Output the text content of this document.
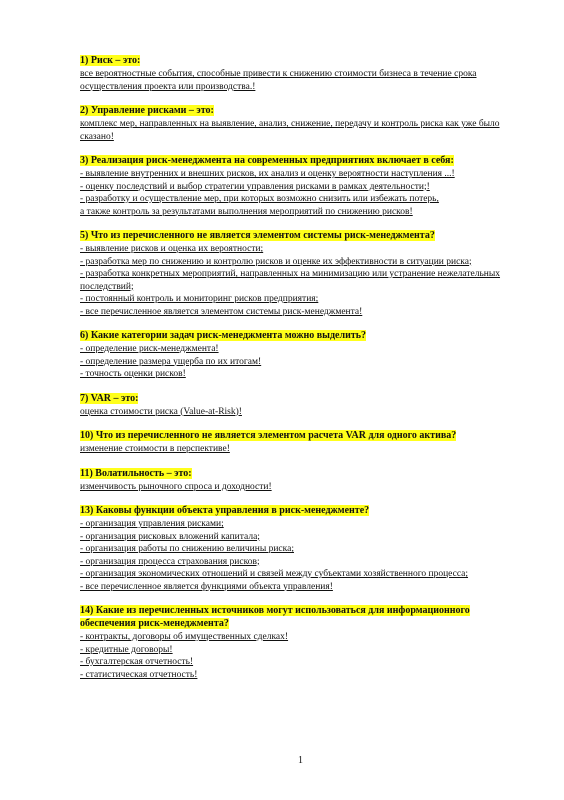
1) Риск – это:
все вероятностные события, способные привести к снижению стоимости бизнеса в течение срока осуществления проекта или производства.!
2) Управление рисками – это:
комплекс мер, направленных на выявление, анализ, снижение, передачу и контроль риска как уже было сказано!
3) Реализация риск-менеджмента на современных предприятиях включает в себя:
- выявление внутренних и внешних рисков, их анализ и оценку вероятности наступления ...!
- оценку последствий и выбор стратегии управления рисками в рамках деятельности;!
- разработку и осуществление мер, при которых возможно снизить или избежать потерь,
а также контроль за результатами выполнения мероприятий по снижению рисков!
5) Что из перечисленного не является элементом системы риск-менеджмента?
- выявление рисков и оценка их вероятности;
- разработка мер по снижению и контролю рисков и оценке их эффективности в ситуации риска;
- разработка конкретных мероприятий, направленных на минимизацию или устранение нежелательных последствий;
- постоянный контроль и мониторинг рисков предприятия;
- все перечисленное является элементом системы риск-менеджмента!
6) Какие категории задач риск-менеджмента можно выделить?
- определение риск-менеджмента!
- определение размера ущерба по их итогам!
- точность оценки рисков!
7) VAR – это:
оценка стоимости риска (Value-at-Risk)!
10) Что из перечисленного не является элементом расчета VAR для одного актива?
изменение стоимости в перспективе!
11) Волатильность – это:
изменчивость рыночного спроса и доходности!
13) Каковы функции объекта управления в риск-менеджменте?
- организация управления рисками;
- организация рисковых вложений капитала;
- организация работы по снижению величины риска;
- организация процесса страхования рисков;
- организация экономических отношений и связей между субъектами хозяйственного процесса;
- все перечисленное является функциями объекта управления!
14) Какие из перечисленных источников могут использоваться для информационного обеспечения риск-менеджмента?
- контракты, договоры об имущественных сделках!
- кредитные договоры!
- бухгалтерская отчетность!
- статистическая отчетность!
1
